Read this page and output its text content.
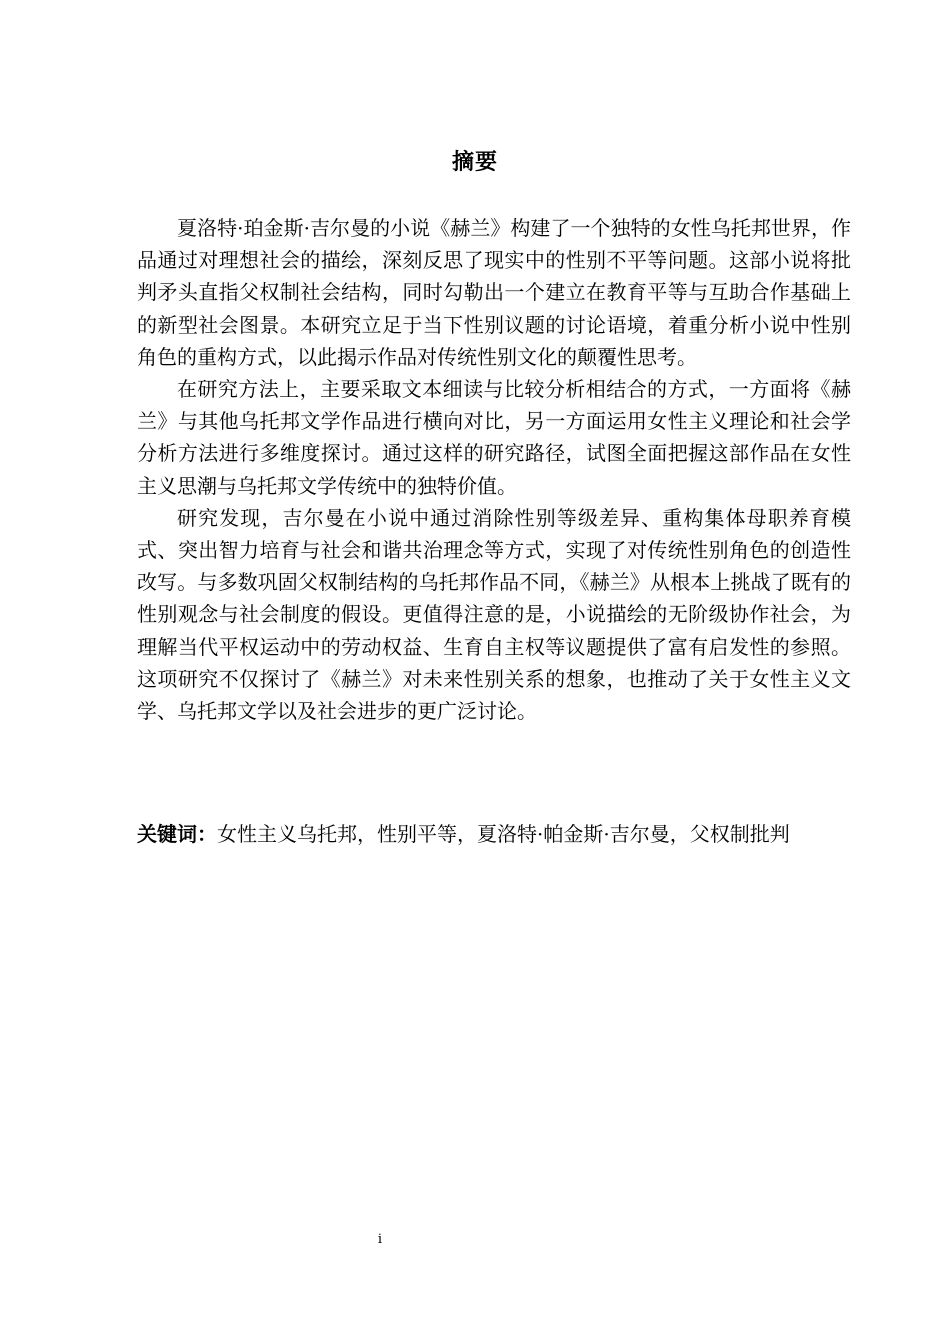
摘要

夏洛特·珀金斯·吉尔曼的小说《赫兰》构建了一个独特的女性乌托邦世界，作品通过对理想社会的描绘，深刻反思了现实中的性别不平等问题。这部小说将批判矛头直指父权制社会结构，同时勾勒出一个建立在教育平等与互助合作基础上的新型社会图景。本研究立足于当下性别议题的讨论语境，着重分析小说中性别角色的重构方式，以此揭示作品对传统性别文化的颠覆性思考。

在研究方法上，主要采取文本细读与比较分析相结合的方式，一方面将《赫兰》与其他乌托邦文学作品进行横向对比，另一方面运用女性主义理论和社会学分析方法进行多维度探讨。通过这样的研究路径，试图全面把握这部作品在女性主义思潮与乌托邦文学传统中的独特价值。

研究发现，吉尔曼在小说中通过消除性别等级差异、重构集体母职养育模式、突出智力培育与社会和谐共治理念等方式，实现了对传统性别角色的创造性改写。与多数巩固父权制结构的乌托邦作品不同，《赫兰》从根本上挑战了既有的性别观念与社会制度的假设。更值得注意的是，小说描绘的无阶级协作社会，为理解当代平权运动中的劳动权益、生育自主权等议题提供了富有启发性的参照。这项研究不仅探讨了《赫兰》对未来性别关系的想象，也推动了关于女性主义文学、乌托邦文学以及社会进步的更广泛讨论。

关键词：女性主义乌托邦，性别平等，夏洛特·帕金斯·吉尔曼，父权制批判
i
